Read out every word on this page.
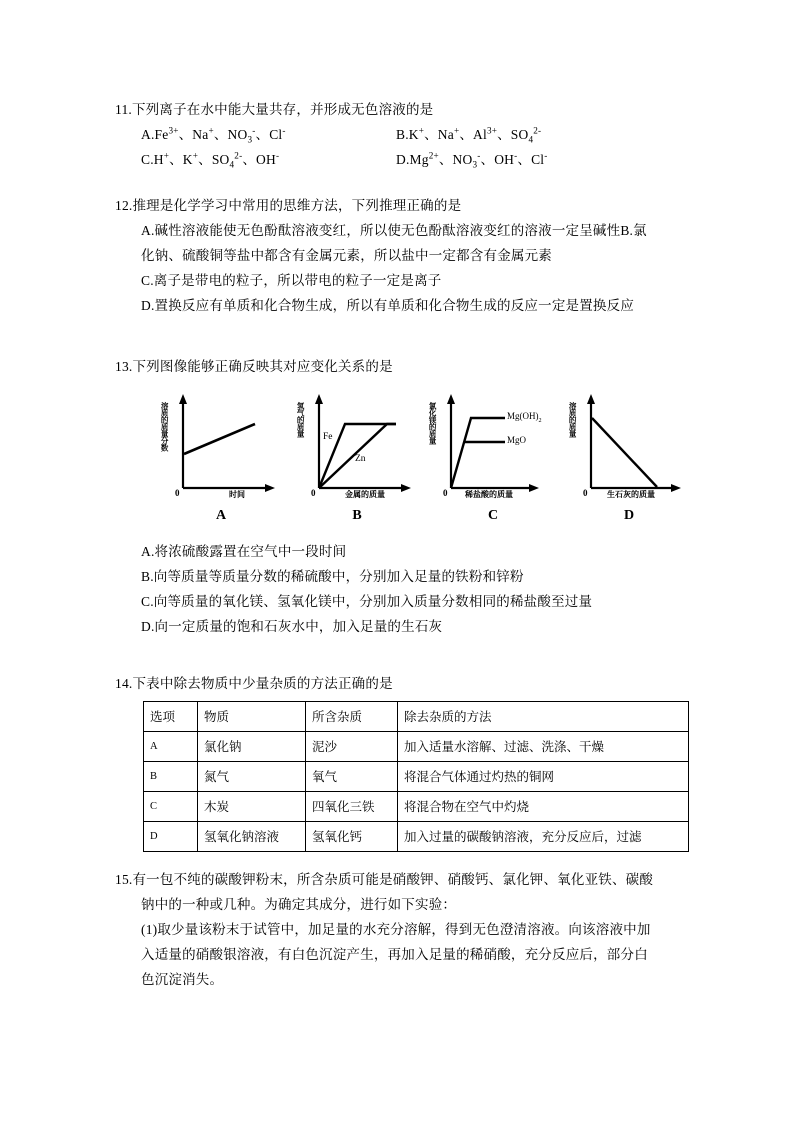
11.下列离子在水中能大量共存，并形成无色溶液的是
$A.Fe^{3+}$、Na+、$NO_3^-$、Cl-	B.K+、Na+、$Al^{3+}$、$SO_4^{2-}$
C.H+、K+、$SO_4^{2-}$、OH-	$D.Mg^{2+}$、$NO_3^-$、OH-、Cl-
12.推理是化学学习中常用的思维方法，下列推理正确的是
A.碱性溶液能使无色酚酞溶液变红，所以使无色酚酞溶液变红的溶液一定呈碱性B.氯
化钠、硫酸铜等盐中都含有金属元素，所以盐中一定都含有金属元素
C.离子是带电的粒子，所以带电的粒子一定是离子
D.置换反应有单质和化合物生成，所以有单质和化合物生成的反应一定是置换反应
13.下列图像能够正确反映其对应变化关系的是
溶质的质量分数
0	时间
氢气的质量
0	金属的质量
Fe
Zn
氯化镁的质量
0 稀盐酸的质量
$Mg(OH)_2$
MgO
溶质的质量
0 生石灰的质量
A	B	C	D
A.将浓硫酸露置在空气中一段时间
B.向等质量等质量分数的稀硫酸中，分别加入足量的铁粉和锌粉
C.向等质量的氧化镁、氢氧化镁中，分别加入质量分数相同的稀盐酸至过量
D.向一定质量的饱和石灰水中，加入足量的生石灰
14.下表中除去物质中少量杂质的方法正确的是
选项	物质	所含杂质	除去杂质的方法
A	氯化钠	泥沙	加入适量水溶解、过滤、洗涤、干燥
B	氮气	氧气	将混合气体通过灼热的铜网
C	木炭	四氧化三铁	将混合物在空气中灼烧
D	氢氧化钠溶液	氢氧化钙	加入过量的碳酸钠溶液，充分反应后，过滤
15.有一包不纯的碳酸钾粉末，所含杂质可能是硝酸钾、硝酸钙、氯化钾、氧化亚铁、碳酸
钠中的一种或几种。为确定其成分，进行如下实验：
(1)取少量该粉末于试管中，加足量的水充分溶解，得到无色澄清溶液。向该溶液中加
入适量的硝酸银溶液，有白色沉淀产生，再加入足量的稀硝酸，充分反应后，部分白
色沉淀消失。
